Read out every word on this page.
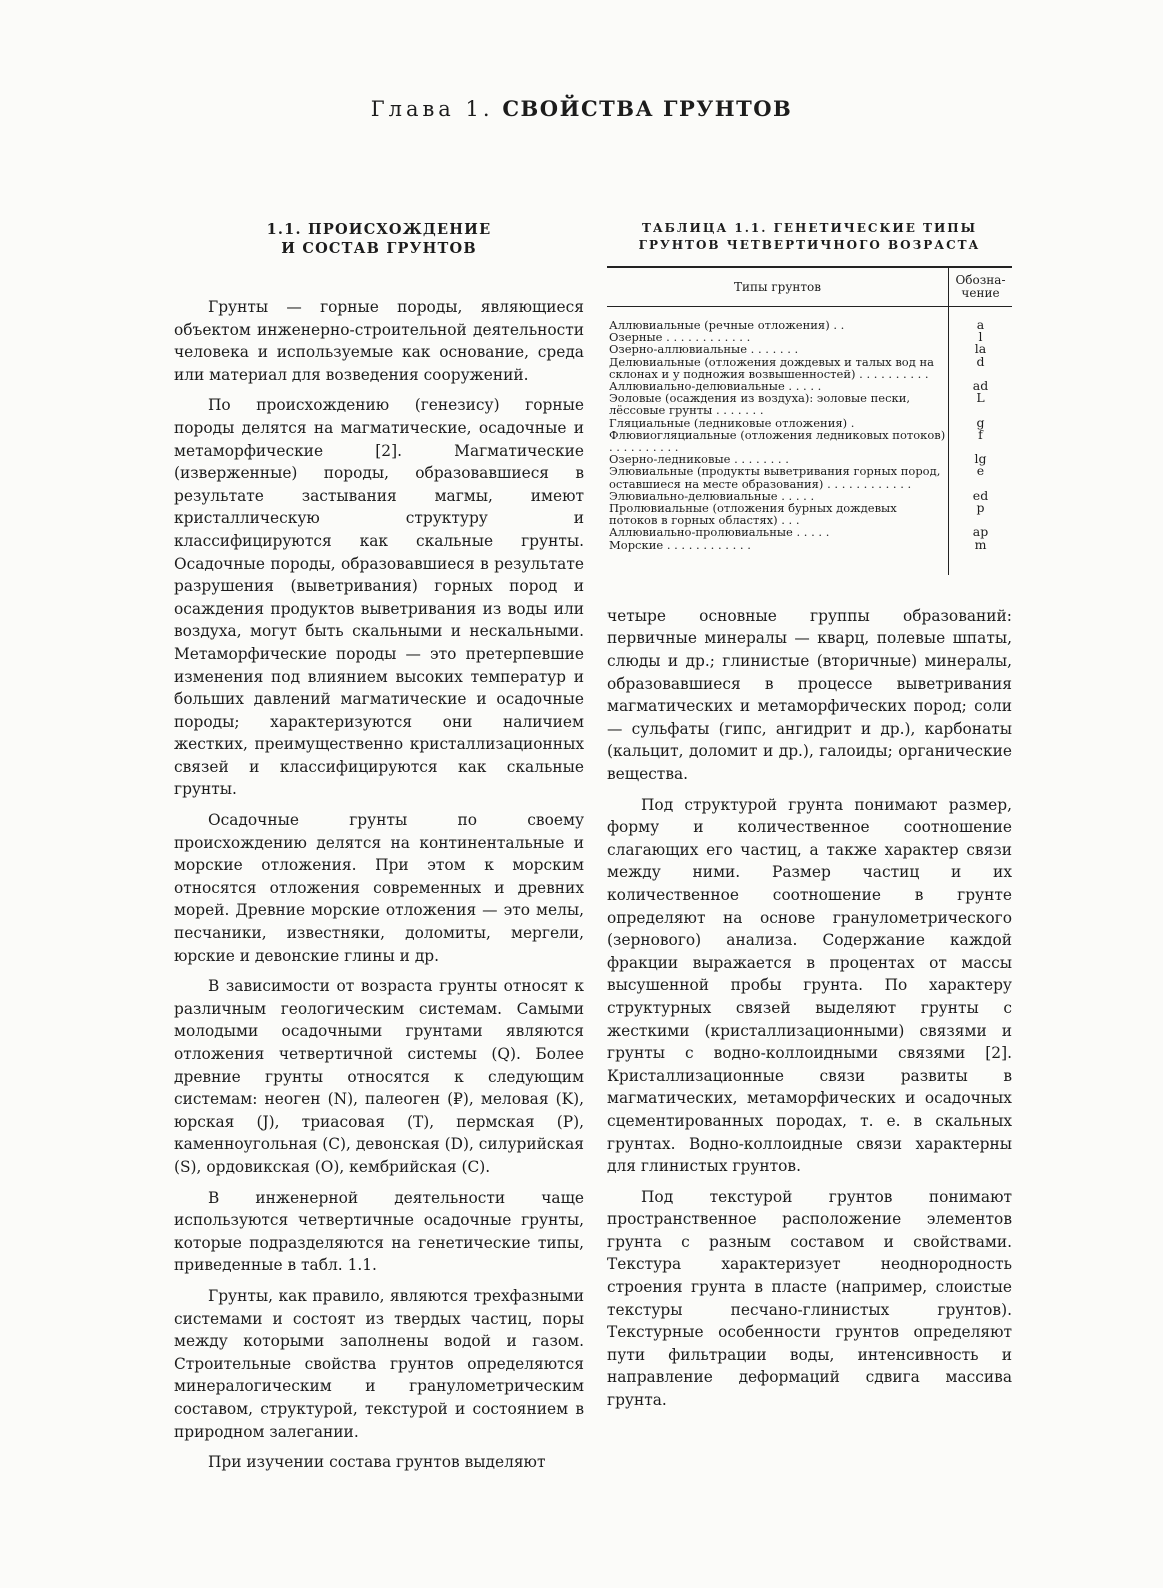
Глава 1. СВОЙСТВА ГРУНТОВ
1.1. ПРОИСХОЖДЕНИЕ
И СОСТАВ ГРУНТОВ

Грунты — горные породы, являющиеся объектом инженерно-строительной деятельности человека и используемые как основание, среда или материал для возведения сооружений.

По происхождению (генезису) горные породы делятся на магматические, осадочные и метаморфические [2]. Магматические (изверженные) породы, образовавшиеся в результате застывания магмы, имеют кристаллическую структуру и классифицируются как скальные грунты. Осадочные породы, образовавшиеся в результате разрушения (выветривания) горных пород и осаждения продуктов выветривания из воды или воздуха, могут быть скальными и нескальными. Метаморфические породы — это претерпевшие изменения под влиянием высоких температур и больших давлений магматические и осадочные породы; характеризуются они наличием жестких, преимущественно кристаллизационных связей и классифицируются как скальные грунты.

Осадочные грунты по своему происхождению делятся на континентальные и морские отложения. При этом к морским относятся отложения современных и древних морей. Древние морские отложения — это мелы, песчаники, известняки, доломиты, мергели, юрские и девонские глины и др.

В зависимости от возраста грунты относят к различным геологическим системам. Самыми молодыми осадочными грунтами являются отложения четвертичной системы (Q). Более древние грунты относятся к следующим системам: неоген (N), палеоген (₽), меловая (K), юрская (J), триасовая (T), пермская (P), каменноугольная (C), девонская (D), силурийская (S), ордовикская (O), кембрийская (C).

В инженерной деятельности чаще используются четвертичные осадочные грунты, которые подразделяются на генетические типы, приведенные в табл. 1.1.

Грунты, как правило, являются трехфазными системами и состоят из твердых частиц, поры между которыми заполнены водой и газом. Строительные свойства грунтов определяются минералогическим и гранулометрическим составом, структурой, текстурой и состоянием в природном залегании.

При изучении состава грунтов выделяют

ТАБЛИЦА 1.1. ГЕНЕТИЧЕСКИЕ ТИПЫ
ГРУНТОВ ЧЕТВЕРТИЧНОГО ВОЗРАСТА
Типы грунтов	Обозна-чение
Аллювиальные (речные отложения) . .	a
Озерные . . . . . . . . . . . .	l
Озерно-аллювиальные . . . . . . .	la
Делювиальные (отложения дождевых и талых вод на склонах и у подножия возвышенностей) . . . . . . . . . .	d
Аллювиально-делювиальные . . . . .	ad
Эоловые (осаждения из воздуха): эоловые пески, лёссовые грунты . . . . . . .	L
Гляциальные (ледниковые отложения) .	g
Флювиогляциальные (отложения ледниковых потоков) . . . . . . . . . .	f
Озерно-ледниковые . . . . . . . .	lg
Элювиальные (продукты выветривания горных пород, оставшиеся на месте образования) . . . . . . . . . . . .	e
Элювиально-делювиальные . . . . .	ed
Пролювиальные (отложения бурных дождевых потоков в горных областях) . . .	p
Аллювиально-пролювиальные . . . . .	ap
Морские . . . . . . . . . . . .	m

четыре основные группы образований: первичные минералы — кварц, полевые шпаты, слюды и др.; глинистые (вторичные) минералы, образовавшиеся в процессе выветривания магматических и метаморфических пород; соли — сульфаты (гипс, ангидрит и др.), карбонаты (кальцит, доломит и др.), галоиды; органические вещества.

Под структурой грунта понимают размер, форму и количественное соотношение слагающих его частиц, а также характер связи между ними. Размер частиц и их количественное соотношение в грунте определяют на основе гранулометрического (зернового) анализа. Содержание каждой фракции выражается в процентах от массы высушенной пробы грунта. По характеру структурных связей выделяют грунты с жесткими (кристаллизационными) связями и грунты с водно-коллоидными связями [2]. Кристаллизационные связи развиты в магматических, метаморфических и осадочных сцементированных породах, т. е. в скальных грунтах. Водно-коллоидные связи характерны для глинистых грунтов.

Под текстурой грунтов понимают пространственное расположение элементов грунта с разным составом и свойствами. Текстура характеризует неоднородность строения грунта в пласте (например, слоистые текстуры песчано-глинистых грунтов). Текстурные особенности грунтов определяют пути фильтрации воды, интенсивность и направление деформаций сдвига массива грунта.
